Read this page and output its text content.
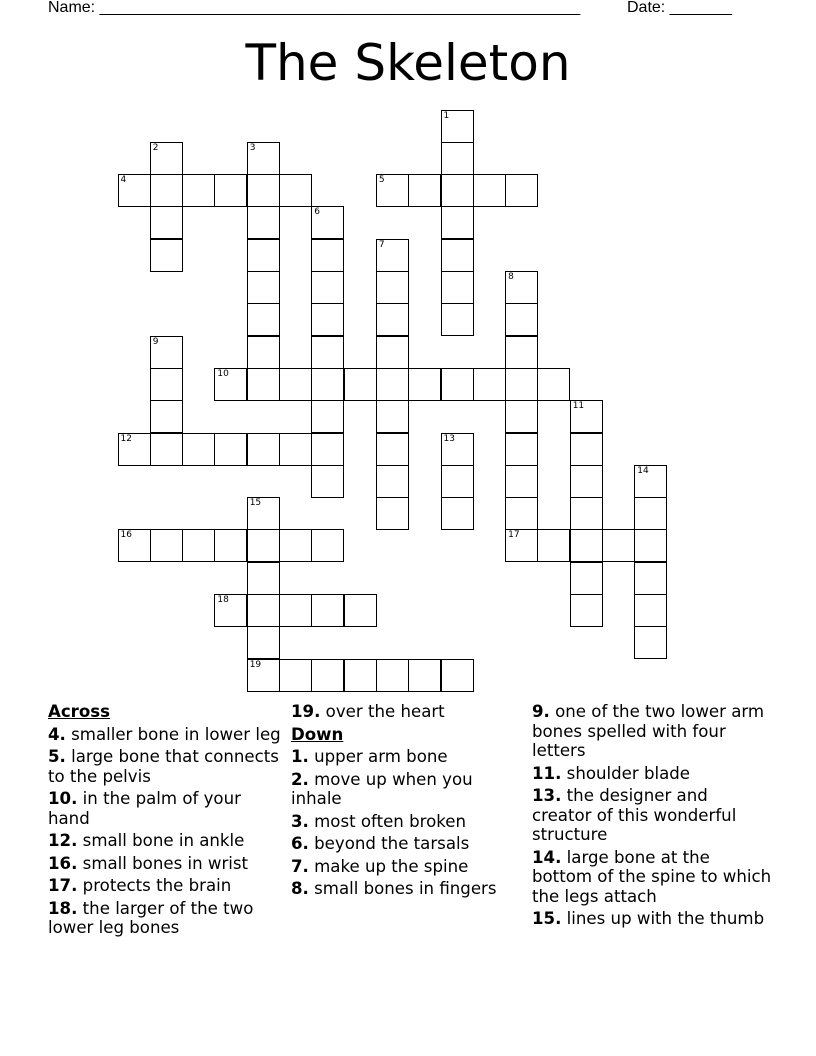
Name: ______________________________________________________	Date: _______
The Skeleton
1
2	3
4	5
6
7
8
17
9
10
11
12	13
14
15
16
18
19
Across
4. smaller bone in lower leg
5. large bone that connects to the pelvis
10. in the palm of your hand
12. small bone in ankle
16. small bones in wrist
17. protects the brain
18. the larger of the two lower leg bones
19. over the heart
Down
1. upper arm bone
2. move up when you inhale
3. most often broken
6. beyond the tarsals
7. make up the spine
8. small bones in fingers
9. one of the two lower arm bones spelled with four letters
11. shoulder blade
13. the designer and creator of this wonderful structure
14. large bone at the bottom of the spine to which the legs attach
15. lines up with the thumb
